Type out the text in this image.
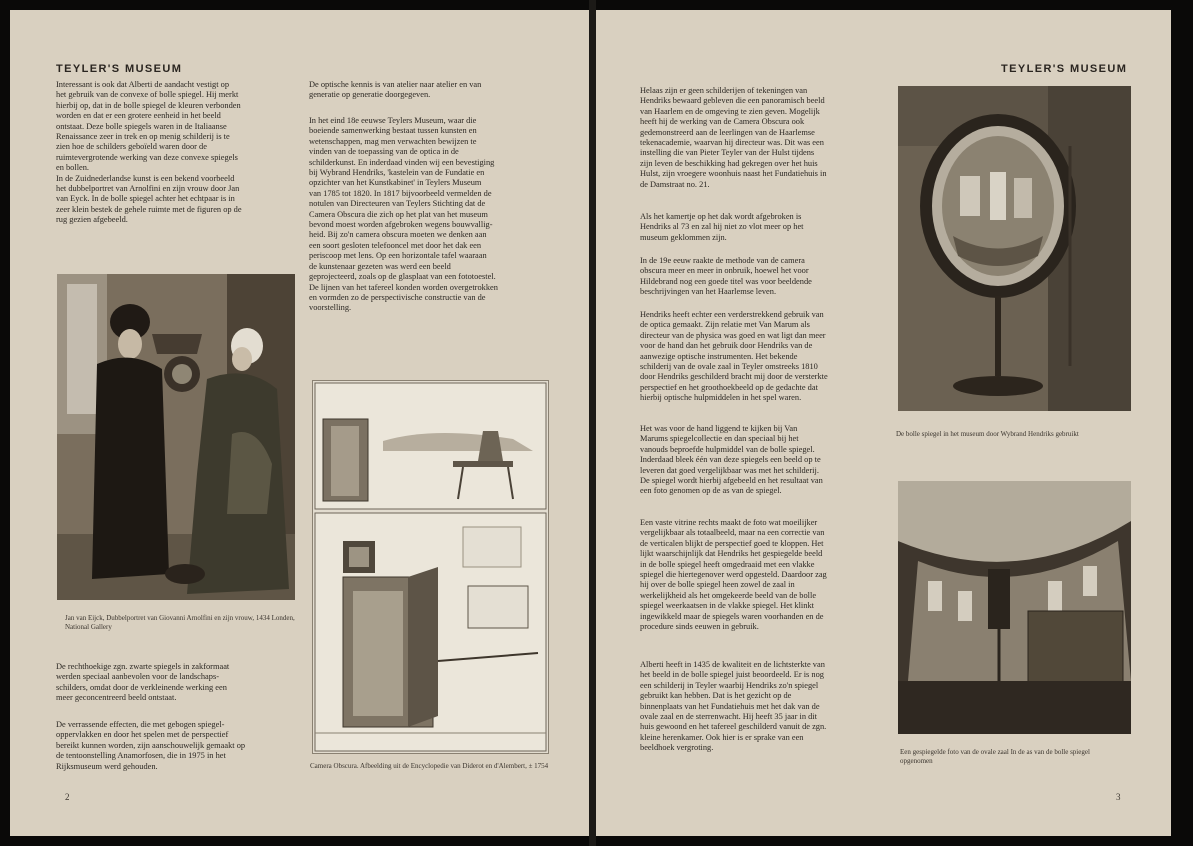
TEYLER'S MUSEUM

Interessant is ook dat Alberti de aandacht vestigt op
het gebruik van de convexe of bolle spiegel. Hij merkt
hierbij op, dat in de bolle spiegel de kleuren verbonden
worden en dat er een grotere eenheid in het beeld
ontstaat. Deze bolle spiegels waren in de Italiaanse
Renaissance zeer in trek en op menig schilderij is te
zien hoe de schilders geboïeld waren door de
ruimtevergrotende werking van deze convexe spiegels
en bollen.
In de Zuidnederlandse kunst is een bekend voorbeeld
het dubbelportret van Arnolfini en zijn vrouw door Jan
van Eyck. In de bolle spiegel achter het echtpaar is in
zeer klein bestek de gehele ruimte met de figuren op de
rug gezien afgebeeld.

Jan van Eijck, Dubbelportret van Giovanni Arnolfini en zijn vrouw, 1434 Londen, National Gallery

De rechthoekige zgn. zwarte spiegels in zakformaat
werden speciaal aanbevolen voor de landschaps-
schilders, omdat door de verkleinende werking een
meer geconcentreerd beeld ontstaat.

De verrassende effecten, die met gebogen spiegel-
oppervlakken en door het spelen met de perspectief
bereikt kunnen worden, zijn aanschouwelijk gemaakt op
de tentoonstelling Anamorfosen, die in 1975 in het
Rijksmuseum werd gehouden.

De optische kennis is van atelier naar atelier en van
generatie op generatie doorgegeven.

In het eind 18e eeuwse Teylers Museum, waar die
boeiende samenwerking bestaat tussen kunsten en
wetenschappen, mag men verwachten bewijzen te
vinden van de toepassing van de optica in de
schilderkunst. En inderdaad vinden wij een bevestiging
bij Wybrand Hendriks, 'kastelein van de Fundatie en
opzichter van het Kunstkabinet' in Teylers Museum
van 1785 tot 1820. In 1817 bijvoorbeeld vermelden de
notulen van Directeuren van Teylers Stichting dat de
Camera Obscura die zich op het plat van het museum
bevond moest worden afgebroken wegens bouwvallig-
heid. Bij zo'n camera obscura moeten we denken aan
een soort gesloten telefooncel met door het dak een
periscoop met lens. Op een horizontale tafel waaraan
de kunstenaar gezeten was werd een beeld
geprojecteerd, zoals op de glasplaat van een fototoestel.
De lijnen van het tafereel konden worden overgetrokken
en vormden zo de perspectivische constructie van de
voorstelling.

Camera Obscura. Afbeelding uit de Encyclopedie van Diderot en d'Alembert, ± 1754

2
TEYLER'S MUSEUM

Helaas zijn er geen schilderijen of tekeningen van
Hendriks bewaard gebleven die een panoramisch beeld
van Haarlem en de omgeving te zien geven. Mogelijk
heeft hij de werking van de Camera Obscura ook
gedemonstreerd aan de leerlingen van de Haarlemse
tekenacademie, waarvan hij directeur was. Dit was een
instelling die van Pieter Teyler van der Hulst tijdens
zijn leven de beschikking had gekregen over het huis
Hulst, zijn vroegere woonhuis naast het Fundatiehuis in
de Damstraat no. 21.

Als het kamertje op het dak wordt afgebroken is
Hendriks al 73 en zal hij niet zo vlot meer op het
museum geklommen zijn.

In de 19e eeuw raakte de methode van de camera
obscura meer en meer in onbruik, hoewel het voor
Hildebrand nog een goede titel was voor beeldende
beschrijvingen van het Haarlemse leven.

Hendriks heeft echter een verderstrekkend gebruik van
de optica gemaakt. Zijn relatie met Van Marum als
directeur van de physica was goed en wat ligt dan meer
voor de hand dan het gebruik door Hendriks van de
aanwezige optische instrumenten. Het bekende
schilderij van de ovale zaal in Teyler omstreeks 1810
door Hendriks geschilderd bracht mij door de versterkte
perspectief en het groothoekbeeld op de gedachte dat
hierbij optische hulpmiddelen in het spel waren.

Het was voor de hand liggend te kijken bij Van
Marums spiegelcollectie en dan speciaal bij het
vanouds beproefde hulpmiddel van de bolle spiegel.
Inderdaad bleek één van deze spiegels een beeld op te
leveren dat goed vergelijkbaar was met het schilderij.
De spiegel wordt hierbij afgebeeld en het resultaat van
een foto genomen op de as van de spiegel.

Een vaste vitrine rechts maakt de foto wat moeilijker
vergelijkbaar als totaalbeeld, maar na een correctie van
de verticalen blijkt de perspectief goed te kloppen. Het
lijkt waarschijnlijk dat Hendriks het gespiegelde beeld
in de bolle spiegel heeft omgedraaid met een vlakke
spiegel die hiertegenover werd opgesteld. Daardoor zag
hij over de bolle spiegel heen zowel de zaal in
werkelijkheid als het omgekeerde beeld van de bolle
spiegel weerkaatsen in de vlakke spiegel. Het klinkt
ingewikkeld maar de spiegels waren voorhanden en de
procedure sinds eeuwen in gebruik.

Alberti heeft in 1435 de kwaliteit en de lichtsterkte van
het beeld in de bolle spiegel juist beoordeeld. Er is nog
een schilderij in Teyler waarbij Hendriks zo'n spiegel
gebruikt kan hebben. Dat is het gezicht op de
binnenplaats van het Fundatiehuis met het dak van de
ovale zaal en de sterrenwacht. Hij heeft 35 jaar in dit
huis gewoond en het tafereel geschilderd vanuit de zgn.
kleine herenkamer. Ook hier is er sprake van een
beeldhoek vergroting.

De bolle spiegel in het museum door Wybrand Hendriks gebruikt

Een gespiegelde foto van de ovale zaal In de as van de bolle spiegel opgenomen

3
